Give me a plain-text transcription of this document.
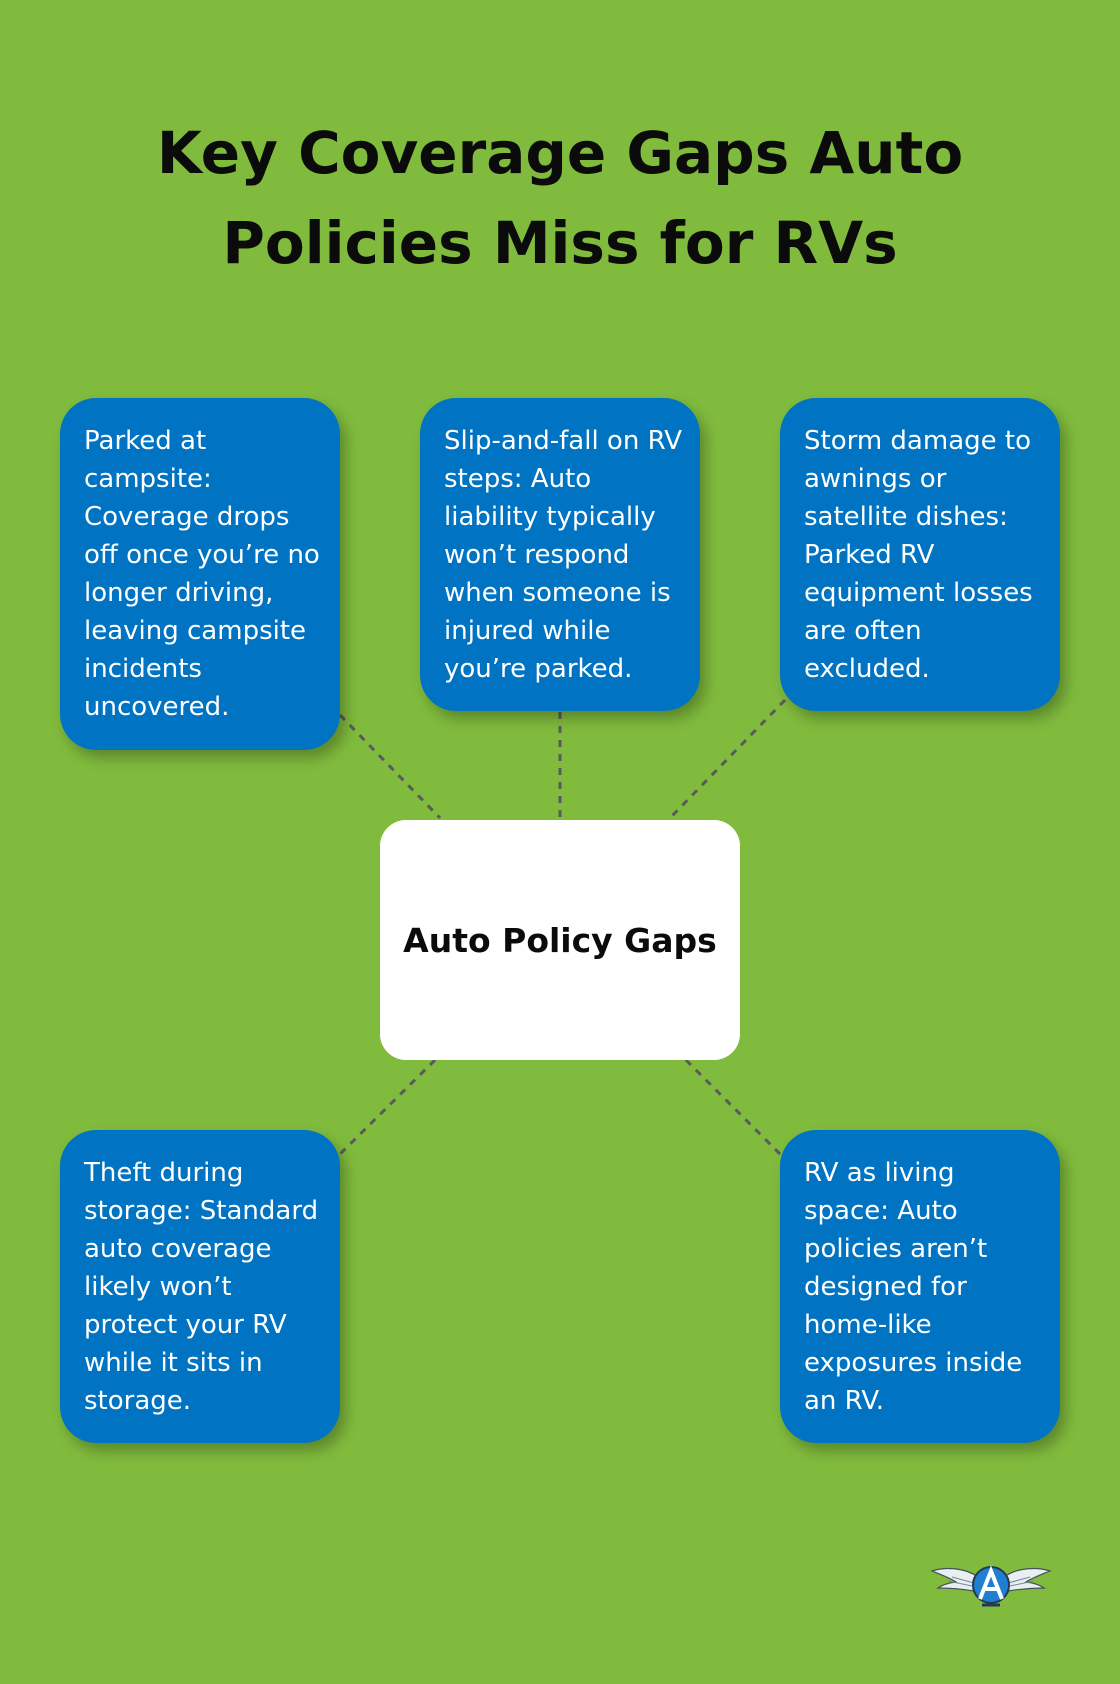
Key Coverage Gaps Auto Policies Miss for RVs
Auto Policy Gaps
Parked at campsite: Coverage drops off once you’re no longer driving, leaving campsite incidents uncovered.
Slip-and-fall on RV steps: Auto liability typically won’t respond when someone is injured while you’re parked.
Storm damage to awnings or satellite dishes: Parked RV equipment losses are often excluded.
Theft during storage: Standard auto coverage likely won’t protect your RV while it sits in storage.
RV as living space: Auto policies aren’t designed for home-like exposures inside an RV.
